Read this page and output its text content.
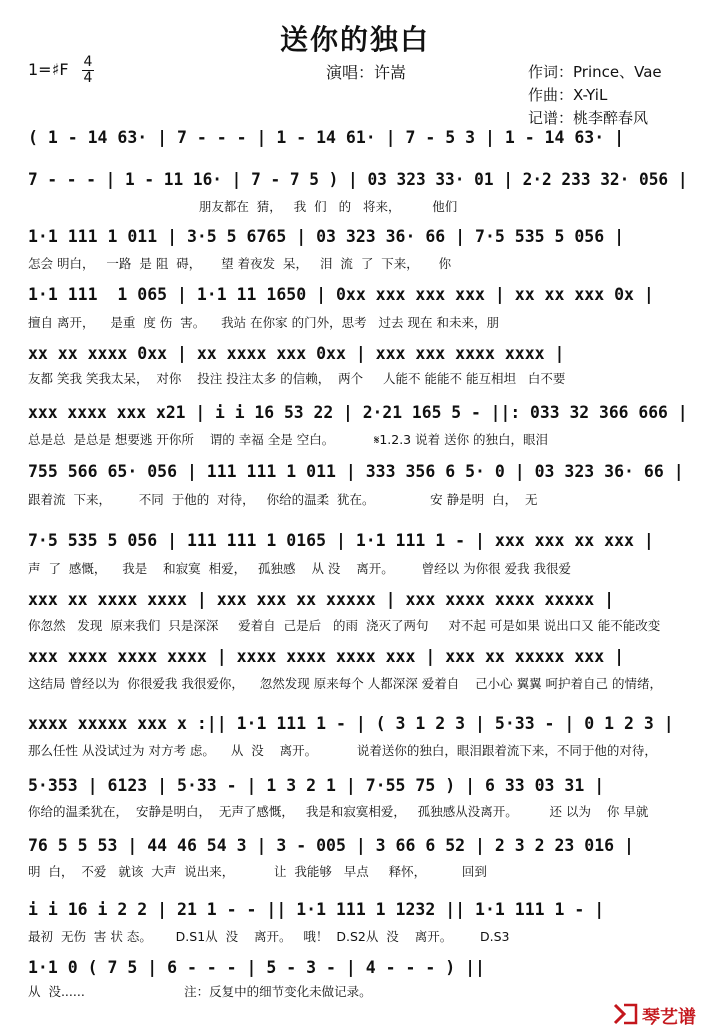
送你的独白
1=♯F 4
4	演唱：许嵩	作词：Prince、Vae
作曲：X-YiL
记谱：桃李醉春风
( 1 - 14 63· | 7 - - - | 1 - 14 61· | 7 - 5 3 | 1 - 14 63· |
7 - - - | 1 - 11 16· | 7 - 7 5 ) | 03 323 33· 01 | 2·2 233 32· 056 |
朋友都在  猜，   我  们   的   将来，        他们
1·1 111 1 011 | 3·5 5 6765 | 03 323 36· 66 | 7·5 535 5 056 |
怎会 明白，   一路  是 阻  碍，     望 着夜发  呆，   泪  流  了  下来，     你
1·1 111  1 065 | 1·1 11 1650 | 0xx xxx xxx xxx | xx xx xxx 0x |
擅自 离开，    是重  度 伤  害。    我站 在你家 的门外，思考   过去 现在 和未来，朋
xx xx xxxx 0xx | xx xxxx xxx 0xx | xxx xxx xxxx xxxx |
友都 笑我 笑我太呆，  对你    投注 投注太多 的信赖，  两个     人能不 能能不 能互相坦   白不要
xxx xxxx xxx x21 | i i 16 53 22 | 2·21 165 5 - ||: 033 32 366 666 |
总是总  是总是 想要逃 开你所    谓的 幸福 全是 空白。          𝄋1.2.3 说着 送你 的独白，眼泪
755 566 65· 056 | 111 111 1 011 | 333 356 6 5· 0 | 03 323 36· 66 |
跟着流  下来，       不同  于他的  对待，   你给的温柔  犹在。              安 静是明  白，  无
7·5 535 5 056 | 111 111 1 0165 | 1·1 111 1 - | xxx xxx xx xxx |
声  了  感慨，    我是    和寂寞  相爱，   孤独感    从 没    离开。       曾经以 为你很 爱我 我很爱
xxx xx xxxx xxxx | xxx xxx xx xxxxx | xxx xxxx xxxx xxxxx |
你忽然   发现  原来我们  只是深深     爱着自  己是后   的雨  浇灭了两句     对不起 可是如果 说出口又 能不能改变
xxx xxxx xxxx xxxx | xxxx xxxx xxxx xxx | xxx xx xxxxx xxx |
这结局 曾经以为  你很爱我 我很爱你，    忽然发现 原来每个 人都深深 爱着自    己小心 翼翼 呵护着自己 的情绪，
xxxx xxxxx xxx x :|| 1·1 111 1 - | ( 3 1 2 3 | 5·33 - | 0 1 2 3 |
那么任性 从没试过为 对方考 虑。    从  没    离开。          说着送你的独白，眼泪跟着流下来，不同于他的对待，
5·353 | 6123 | 5·33 - | 1 3 2 1 | 7·55 75 ) | 6 33 03 31 |
你给的温柔犹在，  安静是明白，  无声了感慨，   我是和寂寞相爱，   孤独感从没离开。        还 以为    你 早就
76 5 5 53 | 44 46 54 3 | 3 - 005 | 3 66 6 52 | 2 3 2 23 016 |
明  白，  不爱   就该  大声  说出来，          让  我能够   早点     释怀，         回到
i i 16 i 2 2 | 21 1 - - || 1·1 111 1 1232 || 1·1 111 1 - |
最初  无伤  害 状 态。      D.S1从  没    离开。   哦！  D.S2从  没    离开。       D.S3
1·1 0 ( 7 5 | 6 - - - | 5 - 3 - | 4 - - - ) ||
从  没......                         注：反复中的细节变化未做记录。
琴艺谱
